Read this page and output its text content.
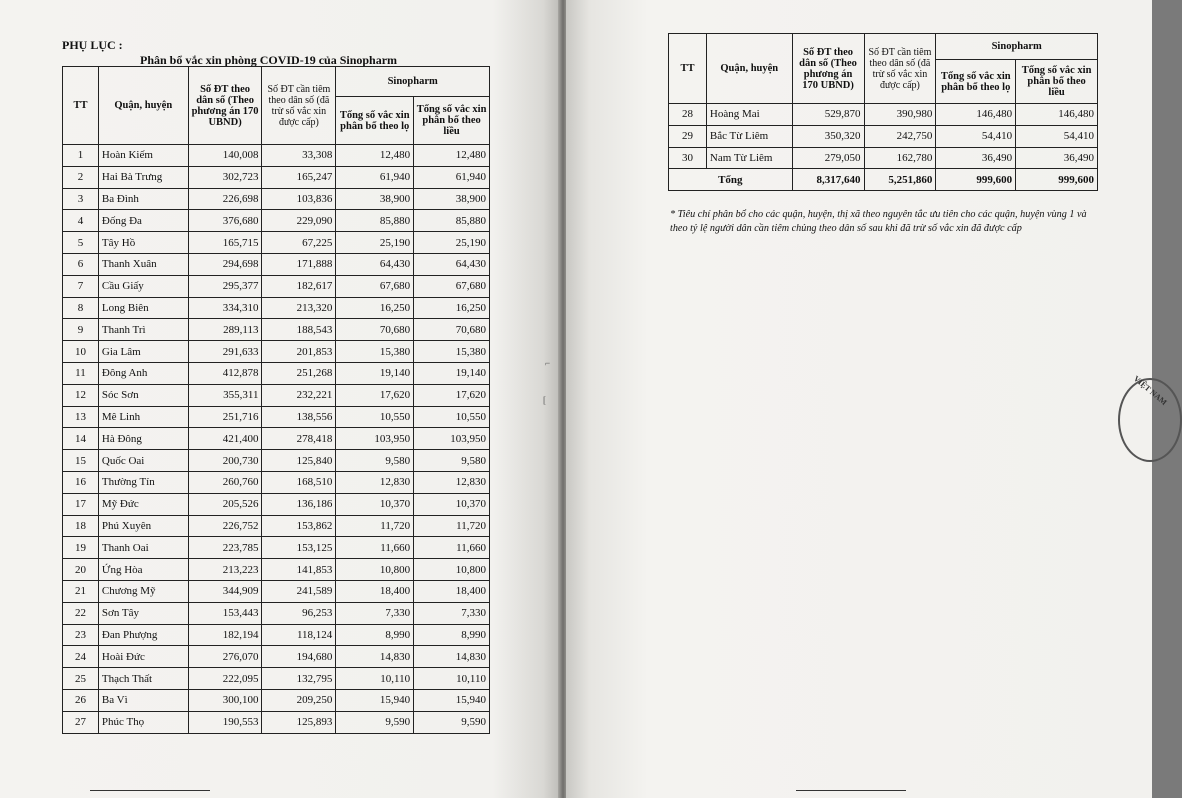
PHỤ LỤC :
Phân bổ vắc xin phòng COVID-19 của Sinopharm
TT	Quận, huyện	Số ĐT theo dân số (Theo phương án 170 UBND)	Số ĐT cần tiêm theo dân số (đã trừ số vắc xin được cấp)	Sinopharm	
				Tổng số vắc xin phân bổ theo lọ	Tổng số vắc xin phân bổ theo liều
1	Hoàn Kiếm	140,008	33,308	12,480	12,480
2	Hai Bà Trưng	302,723	165,247	61,940	61,940
3	Ba Đình	226,698	103,836	38,900	38,900
4	Đống Đa	376,680	229,090	85,880	85,880
5	Tây Hồ	165,715	67,225	25,190	25,190
6	Thanh Xuân	294,698	171,888	64,430	64,430
7	Cầu Giấy	295,377	182,617	67,680	67,680
8	Long Biên	334,310	213,320	16,250	16,250
9	Thanh Trì	289,113	188,543	70,680	70,680
10	Gia Lâm	291,633	201,853	15,380	15,380
11	Đông Anh	412,878	251,268	19,140	19,140
12	Sóc Sơn	355,311	232,221	17,620	17,620
13	Mê Linh	251,716	138,556	10,550	10,550
14	Hà Đông	421,400	278,418	103,950	103,950
15	Quốc Oai	200,730	125,840	9,580	9,580
16	Thường Tín	260,760	168,510	12,830	12,830
17	Mỹ Đức	205,526	136,186	10,370	10,370
18	Phú Xuyên	226,752	153,862	11,720	11,720
19	Thanh Oai	223,785	153,125	11,660	11,660
20	Ứng Hòa	213,223	141,853	10,800	10,800
21	Chương Mỹ	344,909	241,589	18,400	18,400
22	Sơn Tây	153,443	96,253	7,330	7,330
23	Đan Phượng	182,194	118,124	8,990	8,990
24	Hoài Đức	276,070	194,680	14,830	14,830
25	Thạch Thất	222,095	132,795	10,110	10,110
26	Ba Vì	300,100	209,250	15,940	15,940
27	Phúc Thọ	190,553	125,893	9,590	9,590
TT	Quận, huyện	Số ĐT theo dân số (Theo phương án 170 UBND)	Số ĐT cần tiêm theo dân số (đã trừ số vắc xin được cấp)	Sinopharm	
				Tổng số vắc xin phân bổ theo lọ	Tổng số vắc xin phân bổ theo liều
28	Hoàng Mai	529,870	390,980	146,480	146,480
29	Bắc Từ Liêm	350,320	242,750	54,410	54,410
30	Nam Từ Liêm	279,050	162,780	36,490	36,490
Tổng		8,317,640	5,251,860	999,600	999,600
* Tiêu chí phân bổ cho các quận, huyện, thị xã theo nguyên tắc ưu tiên cho các quận, huyện vùng 1 và theo tỷ lệ người dân cần tiêm chủng theo dân số sau khi đã trừ số vắc xin đã được cấp
VIỆT NAM
⌐
[
